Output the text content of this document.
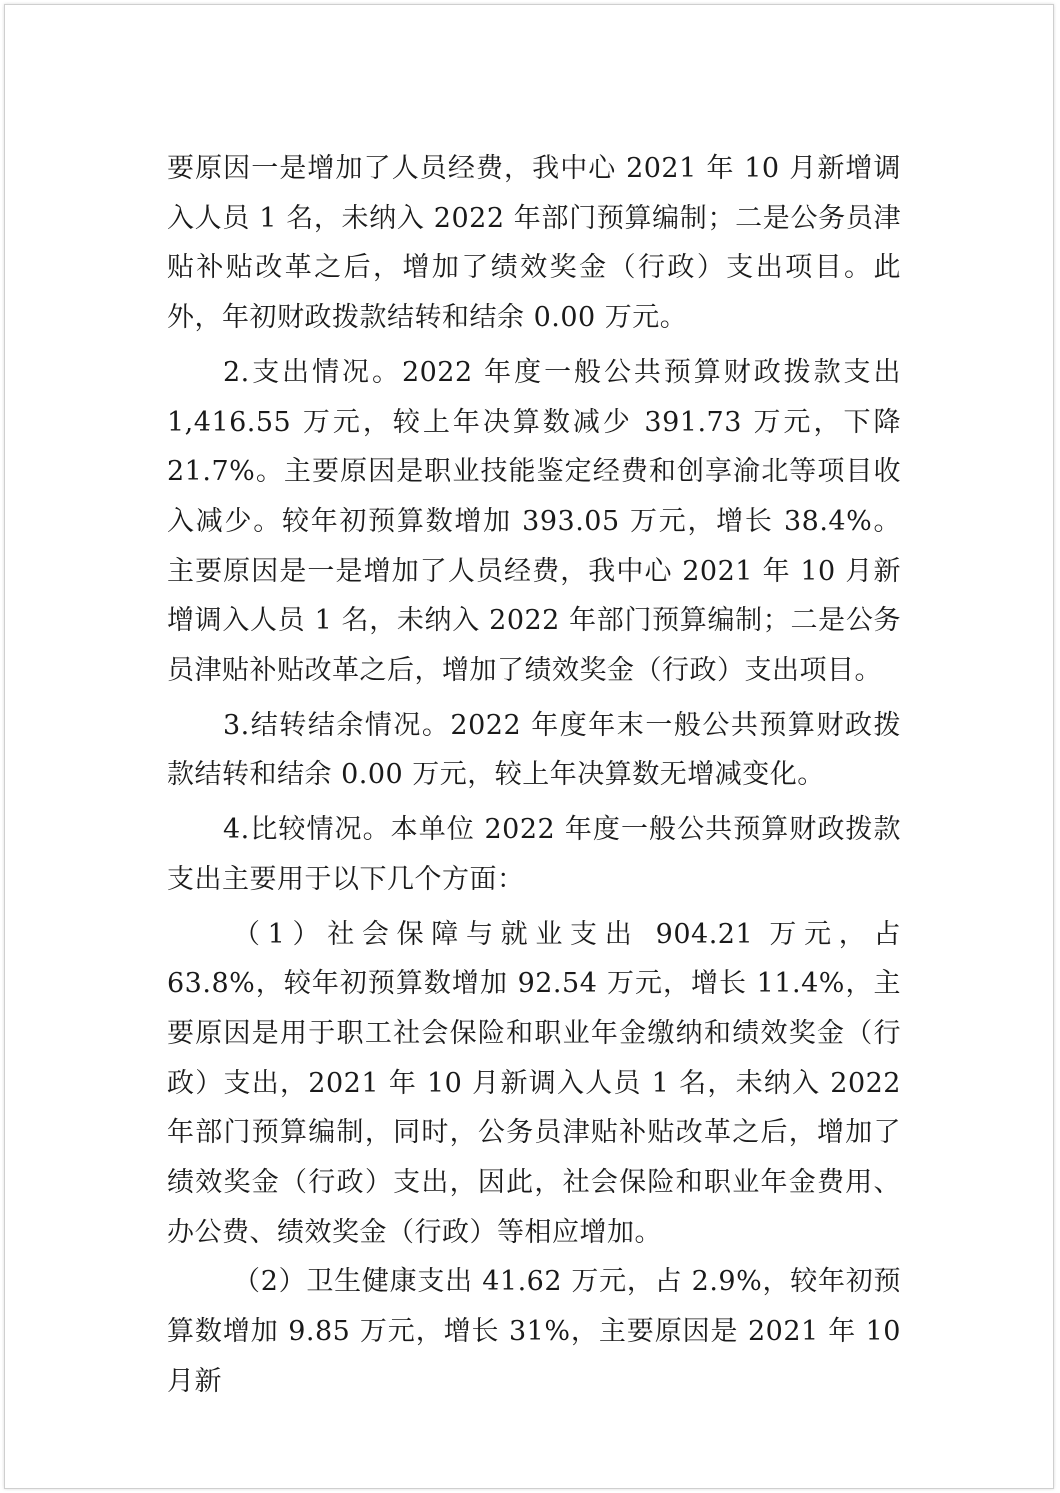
要原因一是增加了人员经费，我中心 2021 年 10 月新增调入人员 1 名，未纳入 2022 年部门预算编制；二是公务员津贴补贴改革之后，增加了绩效奖金（行政）支出项目。此外，年初财政拨款结转和结余 0.00 万元。

2.支出情况。2022 年度一般公共预算财政拨款支出 1,416.55 万元，较上年决算数减少 391.73 万元，下降 21.7%。主要原因是职业技能鉴定经费和创享渝北等项目收入减少。较年初预算数增加 393.05 万元，增长 38.4%。主要原因是一是增加了人员经费，我中心 2021 年 10 月新增调入人员 1 名，未纳入 2022 年部门预算编制；二是公务员津贴补贴改革之后，增加了绩效奖金（行政）支出项目。

3.结转结余情况。2022 年度年末一般公共预算财政拨款结转和结余 0.00 万元，较上年决算数无增减变化。

4.比较情况。本单位 2022 年度一般公共预算财政拨款支出主要用于以下几个方面：

（1）社会保障与就业支出 904.21 万元，占 63.8%，较年初预算数增加 92.54 万元，增长 11.4%，主要原因是用于职工社会保险和职业年金缴纳和绩效奖金（行政）支出，2021 年 10 月新调入人员 1 名，未纳入 2022 年部门预算编制，同时，公务员津贴补贴改革之后，增加了绩效奖金（行政）支出，因此，社会保险和职业年金费用、办公费、绩效奖金（行政）等相应增加。

（2）卫生健康支出 41.62 万元，占 2.9%，较年初预算数增加 9.85 万元，增长 31%，主要原因是 2021 年 10 月新
